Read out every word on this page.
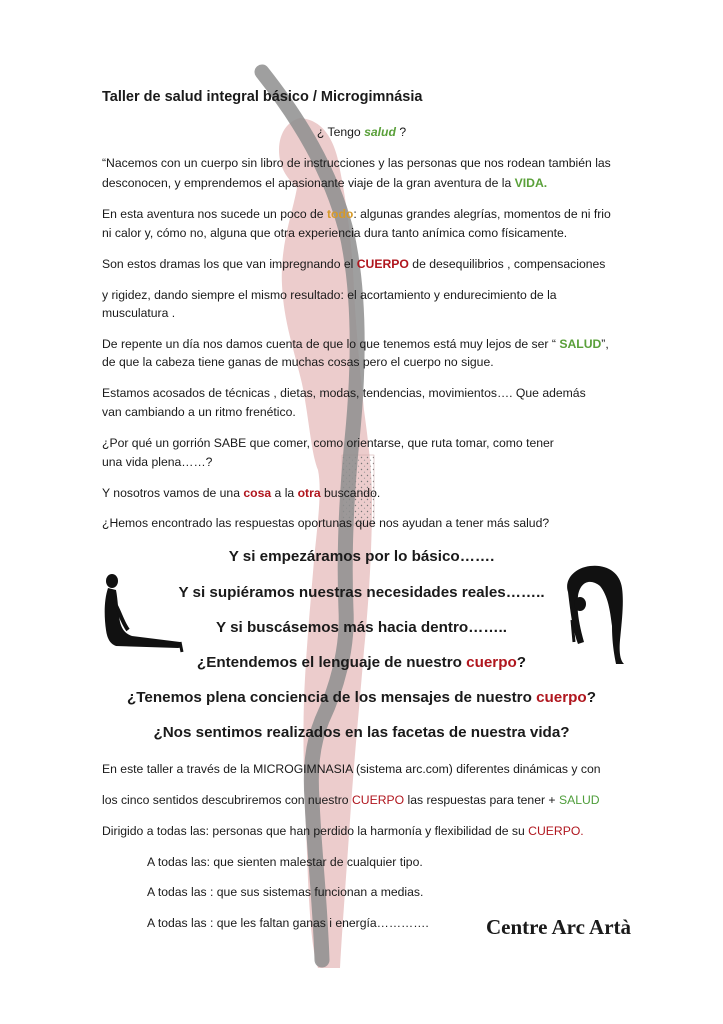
Taller de salud integral básico / Microgimnásia
¿ Tengo salud ?
“Nacemos con un cuerpo sin libro de instrucciones y las personas que nos rodean también las
desconocen, y emprendemos el apasionante viaje de la gran aventura de la VIDA.
En esta aventura nos sucede un poco de todo: algunas grandes alegrías, momentos de ni frio
ni calor y, cómo no, alguna que otra experiencia dura tanto anímica como físicamente.
Son estos dramas los que van impregnando el CUERPO de desequilibrios , compensaciones
y rigidez, dando siempre el mismo resultado: el acortamiento y endurecimiento de la
musculatura .
De repente un día nos damos cuenta de que lo que tenemos está muy lejos de ser “ SALUD”,
de que la cabeza tiene ganas de muchas cosas pero el cuerpo no sigue.
Estamos acosados de técnicas , dietas, modas, tendencias, movimientos…. Que además
van cambiando a un ritmo frenético.
¿Por qué un gorrión SABE que comer, como orientarse, que ruta tomar, como tener
una vida plena……?
Y nosotros vamos de una cosa a la otra buscando.
¿Hemos encontrado las respuestas oportunas que nos ayudan a tener más salud?
Y si empezáramos por lo básico…….
Y si supiéramos nuestras necesidades reales……..
Y si buscásemos más hacia dentro……..
¿Entendemos el lenguaje de nuestro cuerpo?
¿Tenemos plena conciencia de los mensajes de nuestro cuerpo?
¿Nos sentimos realizados en las facetas de nuestra vida?
En este taller a través de la MICROGIMNASIA (sistema arc.com) diferentes dinámicas y con
los cinco sentidos descubriremos con nuestro CUERPO las respuestas para tener + SALUD
Dirigido a todas las: personas que han perdido la harmonía y flexibilidad de su CUERPO.
A todas las: que sienten malestar de cualquier tipo.
A todas las : que sus sistemas funcionan a medias.
A todas las : que les faltan ganas i energía………….	Centre Arc Artà
